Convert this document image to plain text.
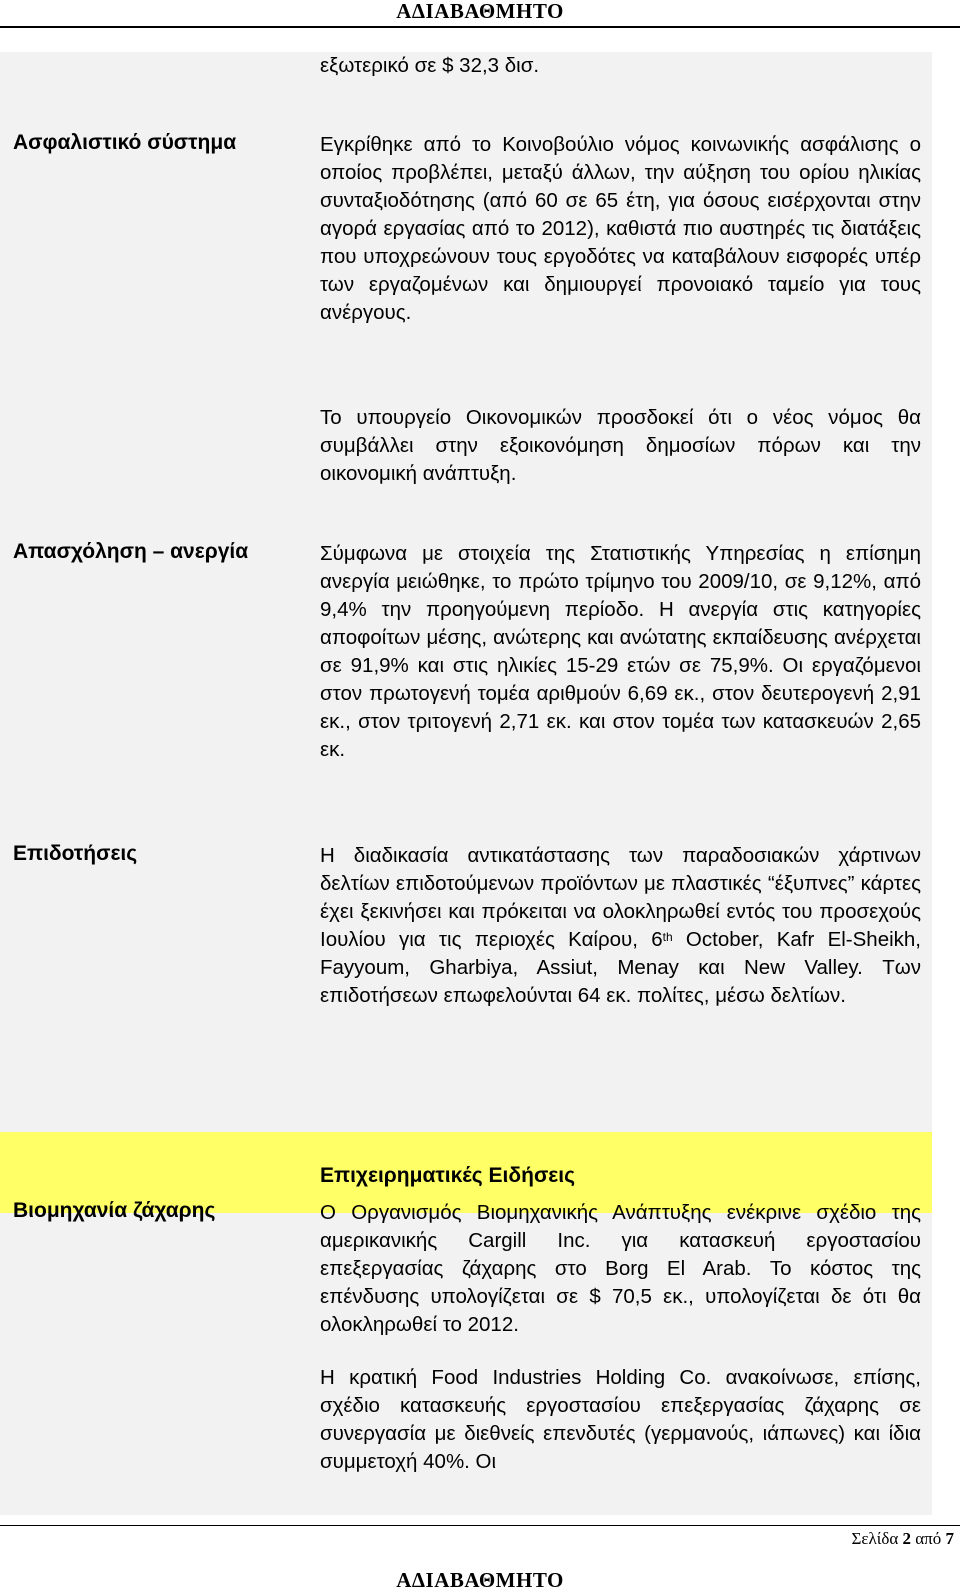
ΑΔΙΑΒΑΘΜΗΤΟ

εξωτερικό σε $ 32,3 δισ.

Ασφαλιστικό σύστημα	Εγκρίθηκε από το Κοινοβούλιο νόμος κοινωνικής ασφάλισης ο οποίος προβλέπει, μεταξύ άλλων, την αύξηση του ορίου ηλικίας συνταξιοδότησης (από 60 σε 65 έτη, για όσους εισέρχονται στην αγορά εργασίας από το 2012), καθιστά πιο αυστηρές τις διατάξεις που υποχρεώνουν τους εργοδότες να καταβάλουν εισφορές υπέρ των εργαζομένων και δημιουργεί προνοιακό ταμείο για τους ανέργους.

Το υπουργείο Οικονομικών προσδοκεί ότι ο νέος νόμος θα συμβάλλει στην εξοικονόμηση δημοσίων πόρων και την οικονομική ανάπτυξη.

Απασχόληση – ανεργία	Σύμφωνα με στοιχεία της Στατιστικής Υπηρεσίας η επίσημη ανεργία μειώθηκε, το πρώτο τρίμηνο του 2009/10, σε 9,12%, από 9,4% την προηγούμενη περίοδο. Η ανεργία στις κατηγορίες αποφοίτων μέσης, ανώτερης και ανώτατης εκπαίδευσης ανέρχεται σε 91,9% και στις ηλικίες 15-29 ετών σε 75,9%. Οι εργαζόμενοι στον πρωτογενή τομέα αριθμούν 6,69 εκ., στον δευτερογενή 2,91 εκ., στον τριτογενή 2,71 εκ. και στον τομέα των κατασκευών 2,65 εκ.

Επιδοτήσεις	Η διαδικασία αντικατάστασης των παραδοσιακών χάρτινων δελτίων επιδοτούμενων προϊόντων με πλαστικές “έξυπνες” κάρτες έχει ξεκινήσει και πρόκειται να ολοκληρωθεί εντός του προσεχούς Ιουλίου για τις περιοχές Καίρου, 6th October, Kafr El-Sheikh, Fayyoum, Gharbiya, Assiut, Menay και New Valley. Των επιδοτήσεων επωφελούνται 64 εκ. πολίτες, μέσω δελτίων.

Επιχειρηματικές Ειδήσεις
Βιομηχανία ζάχαρης	Ο Οργανισμός Βιομηχανικής Ανάπτυξης ενέκρινε σχέδιο της αμερικανικής Cargill Inc. για κατασκευή εργοστασίου επεξεργασίας ζάχαρης στο Borg El Arab. Το κόστος της επένδυσης υπολογίζεται σε $ 70,5 εκ., υπολογίζεται δε ότι θα ολοκληρωθεί το 2012.

Η κρατική Food Industries Holding Co. ανακοίνωσε, επίσης, σχέδιο κατασκευής εργοστασίου επεξεργασίας ζάχαρης σε συνεργασία με διεθνείς επενδυτές (γερμανούς, ιάπωνες) και ίδια συμμετοχή 40%. Οι

Σελίδα 2 από 7
ΑΔΙΑΒΑΘΜΗΤΟ
